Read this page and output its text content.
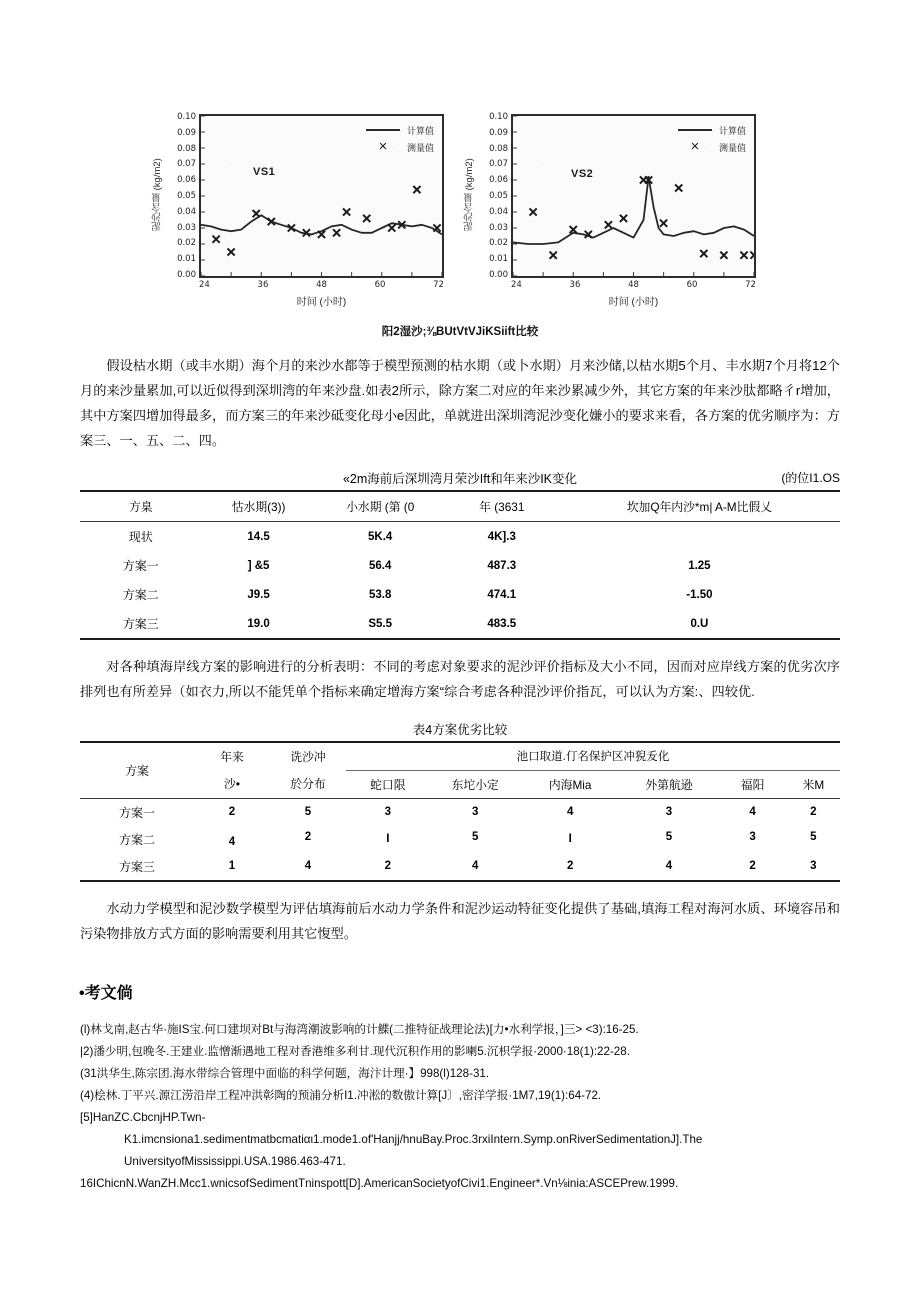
泥沙含量 (kg/m2)
0.10
0.09
0.08
0.07
0.06
0.05
0.04
0.03
0.02
0.01
0.00
VS1
计算值
✕	测量值
24	36	48	60	72
时间 (小时)
泥沙含量 (kg/m2)
0.10
0.09
0.08
0.07
0.06
0.05
0.04
0.03
0.02
0.01
0.00
VS2
计算值
✕	测量值
24	36	48	60	72
时间 (小时)
阳2湿沙;⅜BUtVtVJiKSiift比较

假设枯水期（或丰水期）海个月的来沙水都等于模型预测的枯水期（或卜水期）月来沙储,以枯水期5个月、丰水期7个月将12个月的来沙量累加,可以近似得到深圳湾的年来沙盘.如表2所示，除方案二对应的年来沙累减少外，其它方案的年来沙肽都略彳r增加，其中方案四增加得最多，而方案三的年来沙砥变化母小e因此，单就进出深圳湾泥沙变化嫌小的要求来看，各方案的优劣顺序为：方案三、一、五、二、四。

«2m海前后深圳湾月荣沙Ift和年来沙IK变化	(的位I1.OS
方臬	怙水期(3))	小水期 (第 (0	年 (3631	坎加Q年内沙*m| A-M比假乂
现状	14.5	5K.4	4K].3	
方案一	] &5	56.4	487.3	1.25
方案二	J9.5	53.8	474.1	-1.50
方案三	19.0	S5.5	483.5	0.U

对各种填海岸线方案的影响进行的分析表明：不同的考虑对象要求的泥沙评价指标及大小不同，因而对应岸线方案的优劣次序排列也有所差异（如衣力,所以不能凭单个指标来确定增海方案“综合考虑各种混沙评价指瓦，可以认为方案:、四较优.

表4方案优劣比较
方案	年来	诜沙冲	池口取道.仃名保护区冲猊叐化					
	沙•	於分布	蛇口限	东坨小定	内海Mia	外第航逊	福阳	米M
方案一	2	5	3	3	4	3	4	2
方案二	4	2	I	5	I	5	3	5
方案三	1	4	2	4	2	4	2	3

水动力学模型和泥沙数学模型为评估填海前后水动力学条件和泥沙运动特征变化提供了基础,填海工程对海河水质、环境容吊和污染物排放方式方面的影响需要利用其它愎型。

•考文倘
(l)林戈南,赵古华·施IS宝.何口建坝对Bt与海湾潮波影响的计鰈(二推特征战理论法)[力•水利学报，]三> <3):16-25.
|2)潘少明,包晚冬.王建业.监憎渐遇地工程对香港维多利甘.现代沉积作用的影喇5.沉枳学报·2000·18(1):22-28.
(31洪华生,陈宗团.海水带综合管理中面临的科学何题，海汴计理·】998(l)128-31.
(4)桧林.丁平兴.源江涝沿岸工程冲洪彰陶的预浦分析I1.冲淞的数傲计算[J〕,密洋学报·1M7,19(1):64-72.
[5]HanZC.CbcnjHP.Twn-
K1.imcnsiona1.sedimentmatbcmatiαι1.mode1.of'Hanjj/hnuBay.Proc.3rxiIntern.Symp.onRiverSedimentationJ].The
UniversityofMississippi.USA.1986.463-471.
16IChicnN.WanZH.Mcc1.wnicsofSedimentTninspott[D].AmericanSocietyofCivi1.Engineer*.Vn⅛inia:ASCEPrew.1999.
